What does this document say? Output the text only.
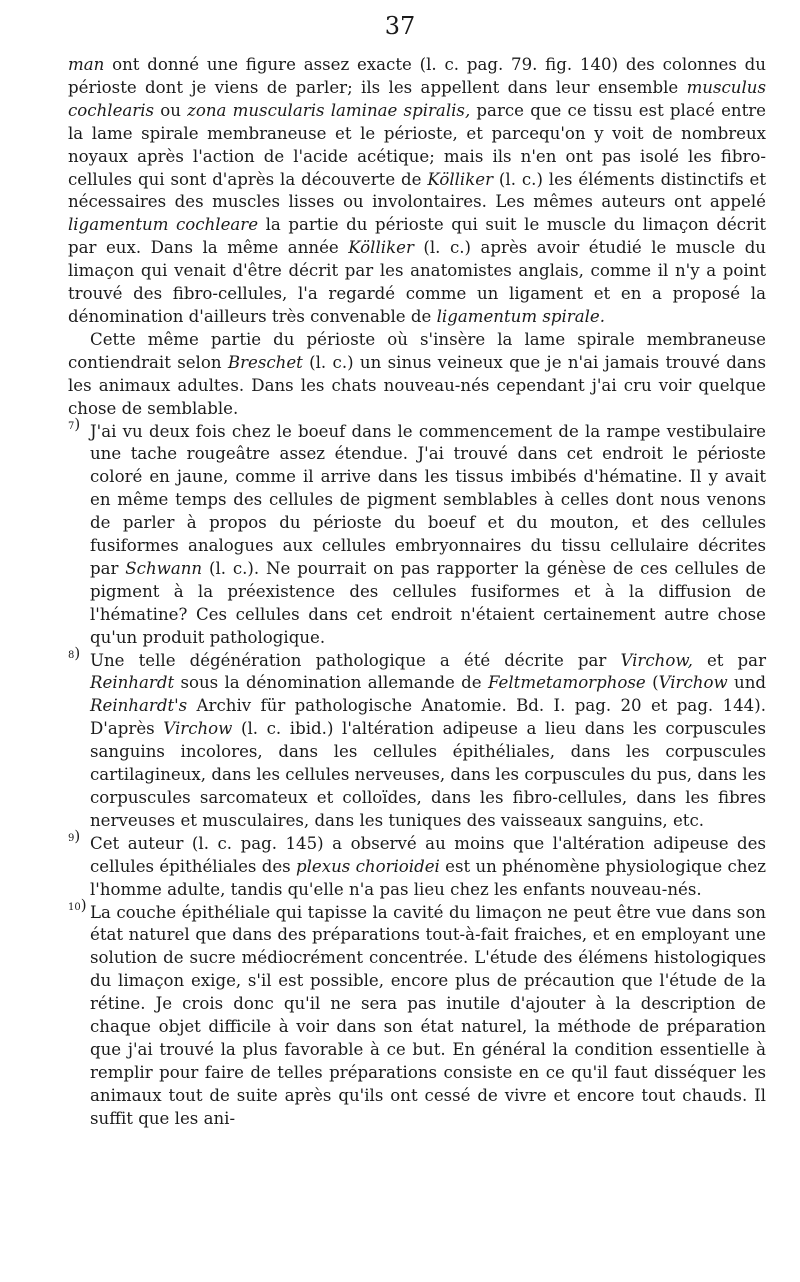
37

man ont donné une figure assez exacte (l. c. pag. 79. fig. 140) des colonnes du périoste dont je viens de parler; ils les appellent dans leur ensemble musculus cochlearis ou zona muscularis laminae spiralis, parce que ce tissu est placé entre la lame spirale membraneuse et le périoste, et parcequ'on y voit de nombreux noyaux après l'action de l'acide acétique; mais ils n'en ont pas isolé les fibro-cellules qui sont d'après la découverte de Kölliker (l. c.) les éléments distinctifs et nécessaires des muscles lisses ou involontaires. Les mêmes auteurs ont appelé ligamentum cochleare la partie du périoste qui suit le muscle du limaçon décrit par eux. Dans la même année Kölliker (l. c.) après avoir étudié le muscle du limaçon qui venait d'être décrit par les anatomistes anglais, comme il n'y a point trouvé des fibro-cellules, l'a regardé comme un ligament et en a proposé la dénomination d'ailleurs très convenable de ligamentum spirale.

Cette même partie du périoste où s'insère la lame spirale membraneuse contiendrait selon Breschet (l. c.) un sinus veineux que je n'ai jamais trouvé dans les animaux adultes. Dans les chats nouveau-nés cependant j'ai cru voir quelque chose de semblable.

7 ) J'ai vu deux fois chez le boeuf dans le commencement de la rampe vestibulaire une tache rougeâtre assez étendue. J'ai trouvé dans cet endroit le périoste coloré en jaune, comme il arrive dans les tissus imbibés d'hématine. Il y avait en même temps des cellules de pigment semblables à celles dont nous venons de parler à propos du périoste du boeuf et du mouton, et des cellules fusiformes analogues aux cellules embryonnaires du tissu cellulaire décrites par Schwann (l. c.). Ne pourrait on pas rapporter la génèse de ces cellules de pigment à la préexistence des cellules fusiformes et à la diffusion de l'hématine? Ces cellules dans cet endroit n'étaient certainement autre chose qu'un produit pathologique.

8 ) Une telle dégénération pathologique a été décrite par Virchow, et par Reinhardt sous la dénomination allemande de Feltmetamorphose (Virchow und Reinhardt's Archiv für pathologische Anatomie. Bd. I. pag. 20 et pag. 144). D'après Virchow (l. c. ibid.) l'altération adipeuse a lieu dans les corpuscules sanguins incolores, dans les cellules épithéliales, dans les corpuscules cartilagineux, dans les cellules nerveuses, dans les corpuscules du pus, dans les corpuscules sarcomateux et colloïdes, dans les fibro-cellules, dans les fibres nerveuses et musculaires, dans les tuniques des vaisseaux sanguins, etc.

9 ) Cet auteur (l. c. pag. 145) a observé au moins que l'altération adipeuse des cellules épithéliales des plexus chorioidei est un phénomène physiologique chez l'homme adulte, tandis qu'elle n'a pas lieu chez les enfants nouveau-nés.

10 ) La couche épithéliale qui tapisse la cavité du limaçon ne peut être vue dans son état naturel que dans des préparations tout-à-fait fraiches, et en employant une solution de sucre médiocrément concentrée. L'étude des élémens histologiques du limaçon exige, s'il est possible, encore plus de précaution que l'étude de la rétine. Je crois donc qu'il ne sera pas inutile d'ajouter à la description de chaque objet difficile à voir dans son état naturel, la méthode de préparation que j'ai trouvé la plus favorable à ce but. En général la condition essentielle à remplir pour faire de telles préparations consiste en ce qu'il faut disséquer les animaux tout de suite après qu'ils ont cessé de vivre et encore tout chauds. Il suffit que les ani-
